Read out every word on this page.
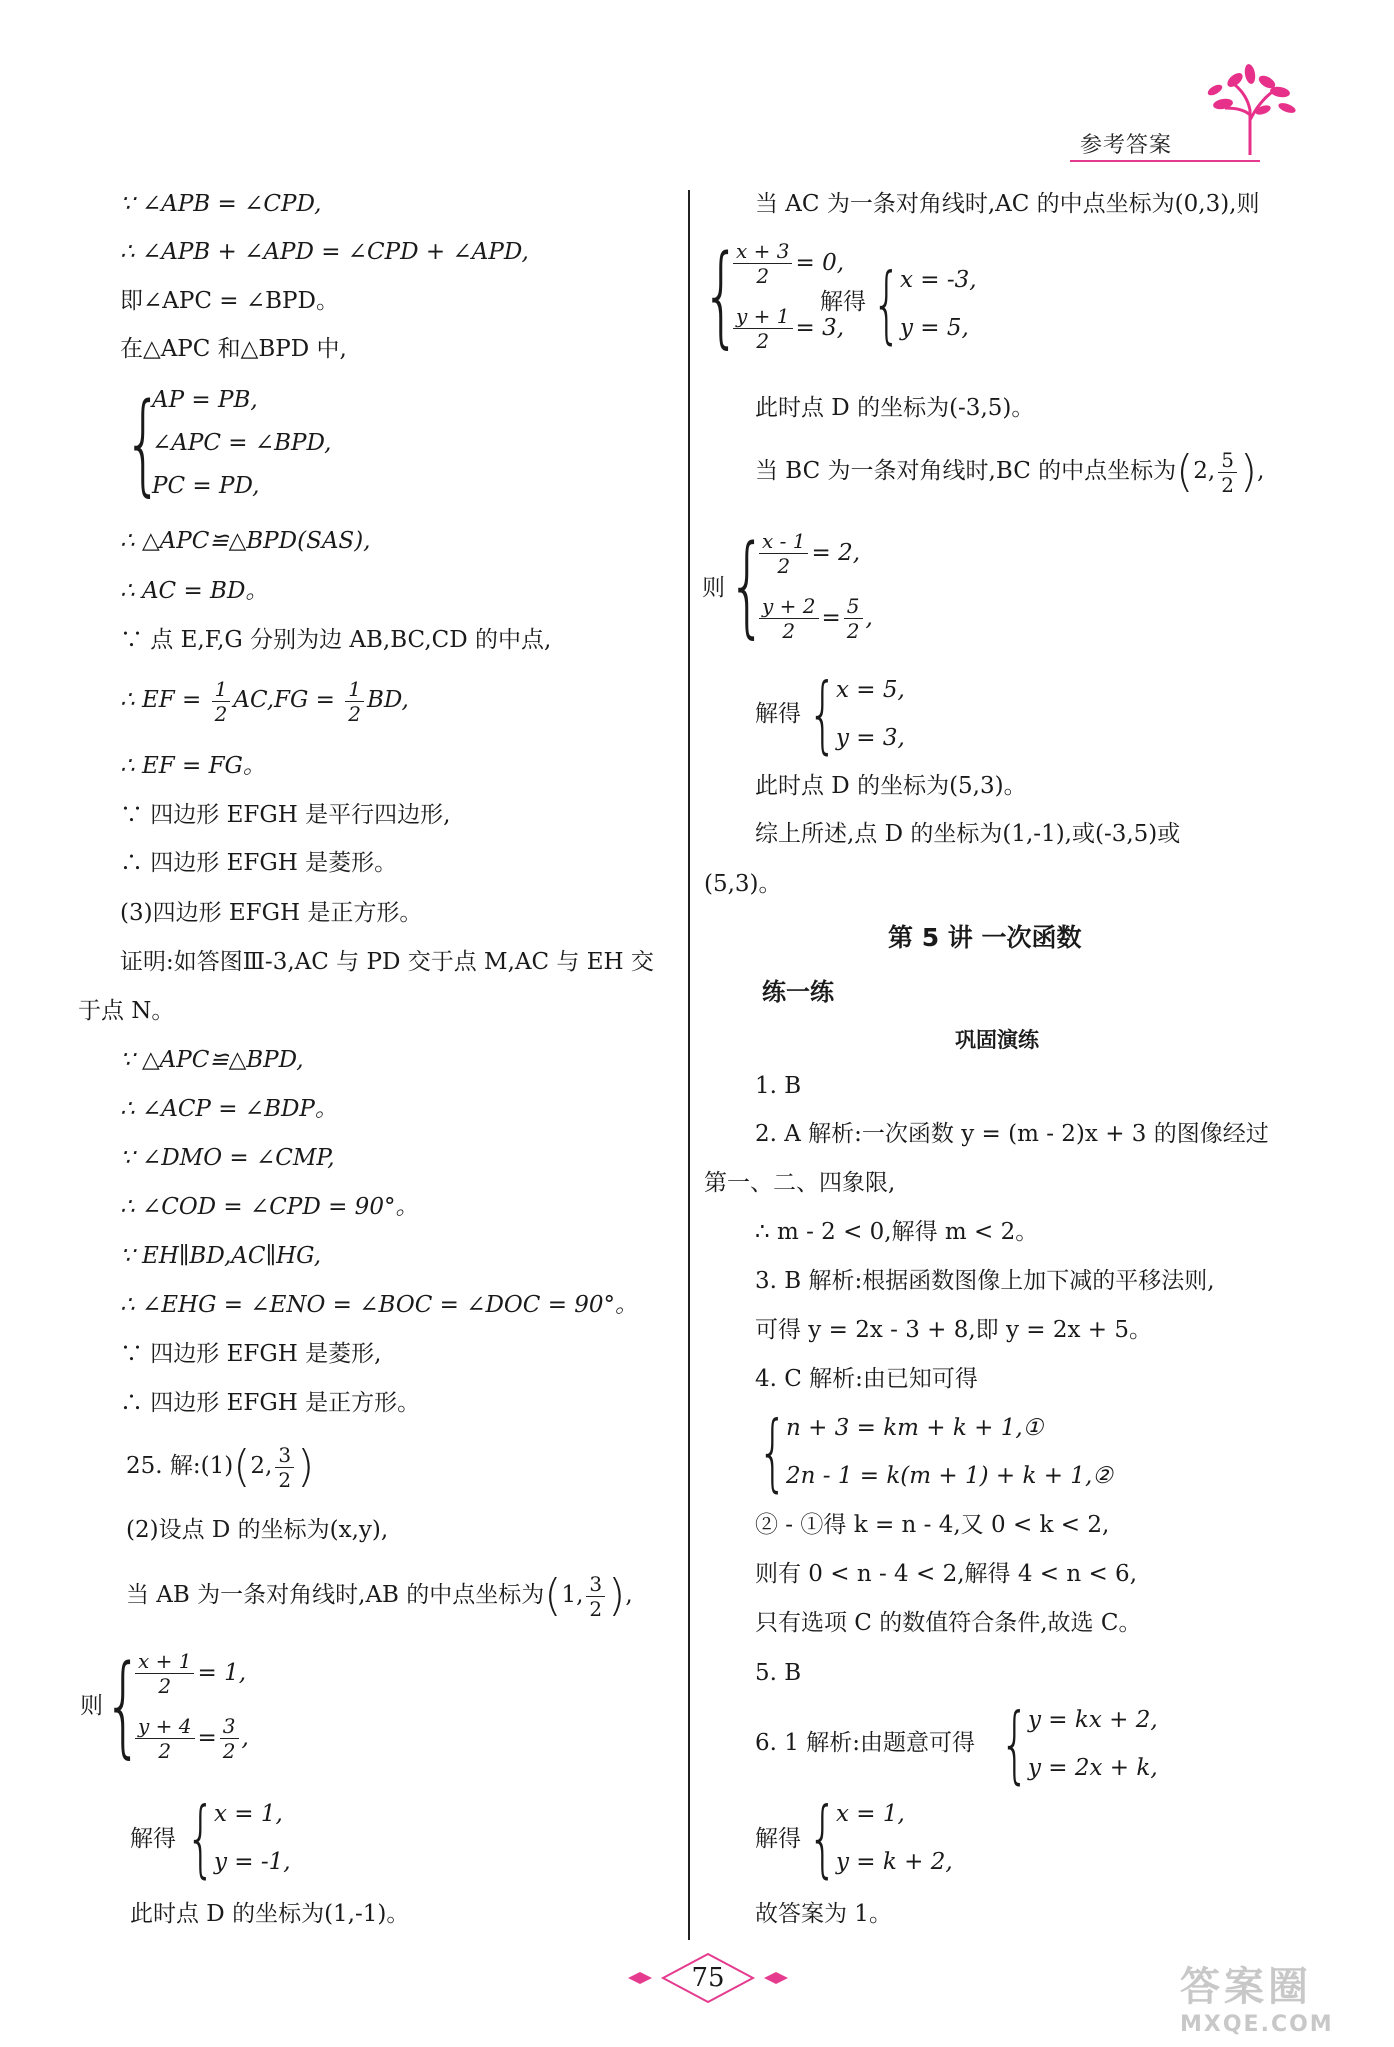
参考答案
∵ ∠APB = ∠CPD,
∴ ∠APB + ∠APD = ∠CPD + ∠APD,
即∠APC = ∠BPD。
在△APC 和△BPD 中,
{
AP = PB,
∠APC = ∠BPD,
PC = PD,
∴ △APC≌△BPD(SAS),
∴ AC = BD。
∵ 点 E,F,G 分别为边 AB,BC,CD 的中点,
∴ EF = $\frac{1}{2} AC,FG = \frac{1}{2}$ BD,
∴ EF = FG。
∵ 四边形 EFGH 是平行四边形,
∴ 四边形 EFGH 是菱形。
(3)四边形 EFGH 是正方形。
证明:如答图Ⅲ-3,AC 与 PD 交于点 M,AC 与 EH 交
于点 N。
∵ △APC≌△BPD,
∴ ∠ACP = ∠BDP。
∵ ∠DMO = ∠CMP,
∴ ∠COD = ∠CPD = 90°。
∵ EH∥BD,AC∥HG,
∴ ∠EHG = ∠ENO = ∠BOC = ∠DOC = 90°。
∵ 四边形 EFGH 是菱形,
∴ 四边形 EFGH 是正方形。
25. 解:(1)(2, $\frac{3}{2}$ )
(2)设点 D 的坐标为(x,y),
当 AB 为一条对角线时,AB 的中点坐标为(1, $\frac{3}{2}$ ),
则 {
$\frac{x + 1}{2} = 1$,
$\frac{y + 4}{2} = \frac{3}{2}$ ,
解得 {
x = 1,
y = -1,
此时点 D 的坐标为(1,-1)。
当 AC 为一条对角线时,AC 的中点坐标为(0,3),则
{
$\frac{x + 3}{2} = 0$,
$\frac{y + 1}{2} = 3$,
解得 {
x = -3,
y = 5,
此时点 D 的坐标为(-3,5)。
当 BC 为一条对角线时,BC 的中点坐标为(2, $\frac{5}{2}$ ),
则 {
$\frac{x - 1}{2} = 2$,
$\frac{y + 2}{2} = \frac{5}{2}$ ,
解得 {
x = 5,
y = 3,
此时点 D 的坐标为(5,3)。
综上所述,点 D 的坐标为(1,-1),或(-3,5)或
(5,3)。
第 5 讲 一次函数
练一练
巩固演练
1. B
2. A 解析:一次函数 y = (m - 2)x + 3 的图像经过
第一、二、四象限,
∴ m - 2 < 0,解得 m < 2。
3. B 解析:根据函数图像上加下减的平移法则,
可得 y = 2x - 3 + 8,即 y = 2x + 5。
4. C 解析:由已知可得
{
n + 3 = km + k + 1,①
2n - 1 = k(m + 1) + k + 1,②
② - ①得 k = n - 4,又 0 < k < 2,
则有 0 < n - 4 < 2,解得 4 < n < 6,
只有选项 C 的数值符合条件,故选 C。
5. B
6. 1 解析:由题意可得 {
y = kx + 2,
y = 2x + k,
解得 {
x = 1,
y = k + 2,
故答案为 1。
75	答案圈
MXQE.COM
